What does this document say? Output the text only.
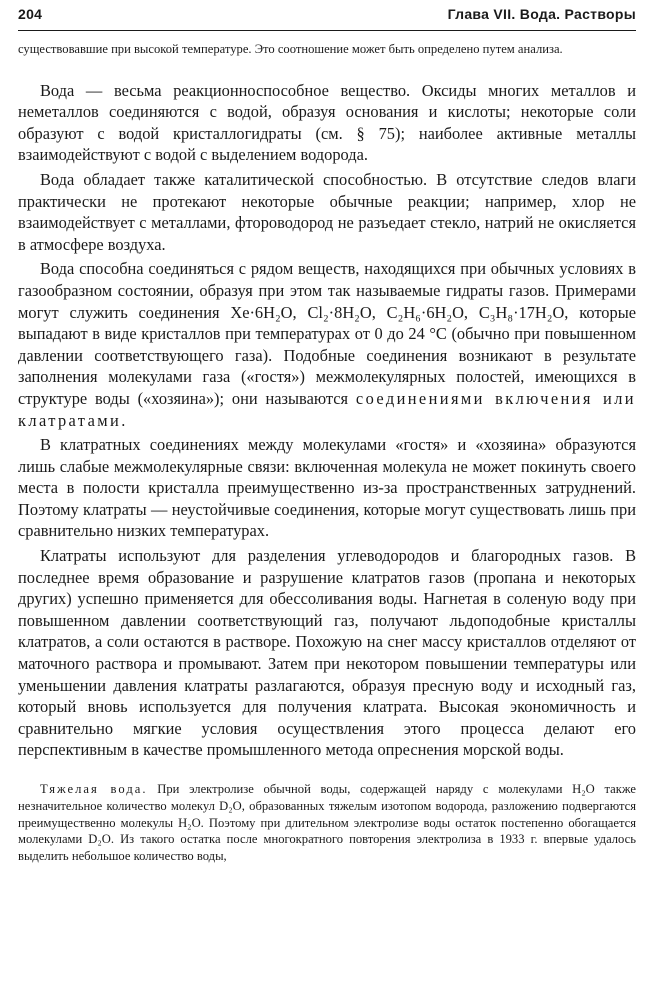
204	Глава VII. Вода. Растворы

существовавшие при высокой температуре. Это соотношение может быть определено путем анализа.

Вода — весьма реакционноспособное вещество. Оксиды многих металлов и неметаллов соединяются с водой, образуя основания и кислоты; некоторые соли образуют с водой кристаллогидраты (см. § 75); наиболее активные металлы взаимодействуют с водой с выделением водорода.

Вода обладает также каталитической способностью. В отсутствие следов влаги практически не протекают некоторые обычные реакции; например, хлор не взаимодействует с металлами, фтороводород не разъедает стекло, натрий не окисляется в атмосфере воздуха.

Вода способна соединяться с рядом веществ, находящихся при обычных условиях в газообразном состоянии, образуя при этом так называемые гидраты газов. Примерами могут служить соединения Xe·6H₂O, Cl₂·8H₂O, C₂H₆·6H₂O, C₃H₈·17H₂O, которые выпадают в виде кристаллов при температурах от 0 до 24 °C (обычно при повышенном давлении соответствующего газа). Подобные соединения возникают в результате заполнения молекулами газа («гостя») межмолекулярных полостей, имеющихся в структуре воды («хозяина»); они называются соединениями включения или клатратами.

В клатратных соединениях между молекулами «гостя» и «хозяина» образуются лишь слабые межмолекулярные связи: включенная молекула не может покинуть своего места в полости кристалла преимущественно из-за пространственных затруднений. Поэтому клатраты — неустойчивые соединения, которые могут существовать лишь при сравнительно низких температурах.

Клатраты используют для разделения углеводородов и благородных газов. В последнее время образование и разрушение клатратов газов (пропана и некоторых других) успешно применяется для обессоливания воды. Нагнетая в соленую воду при повышенном давлении соответствующий газ, получают льдоподобные кристаллы клатратов, а соли остаются в растворе. Похожую на снег массу кристаллов отделяют от маточного раствора и промывают. Затем при некотором повышении температуры или уменьшении давления клатраты разлагаются, образуя пресную воду и исходный газ, который вновь используется для получения клатрата. Высокая экономичность и сравнительно мягкие условия осуществления этого процесса делают его перспективным в качестве промышленного метода опреснения морской воды.

Тяжелая вода. При электролизе обычной воды, содержащей наряду с молекулами H₂O также незначительное количество молекул D₂O, образованных тяжелым изотопом водорода, разложению подвергаются преимущественно молекулы H₂O. Поэтому при длительном электролизе воды остаток постепенно обогащается молекулами D₂O. Из такого остатка после многократного повторения электролиза в 1933 г. впервые удалось выделить небольшое количество воды,
